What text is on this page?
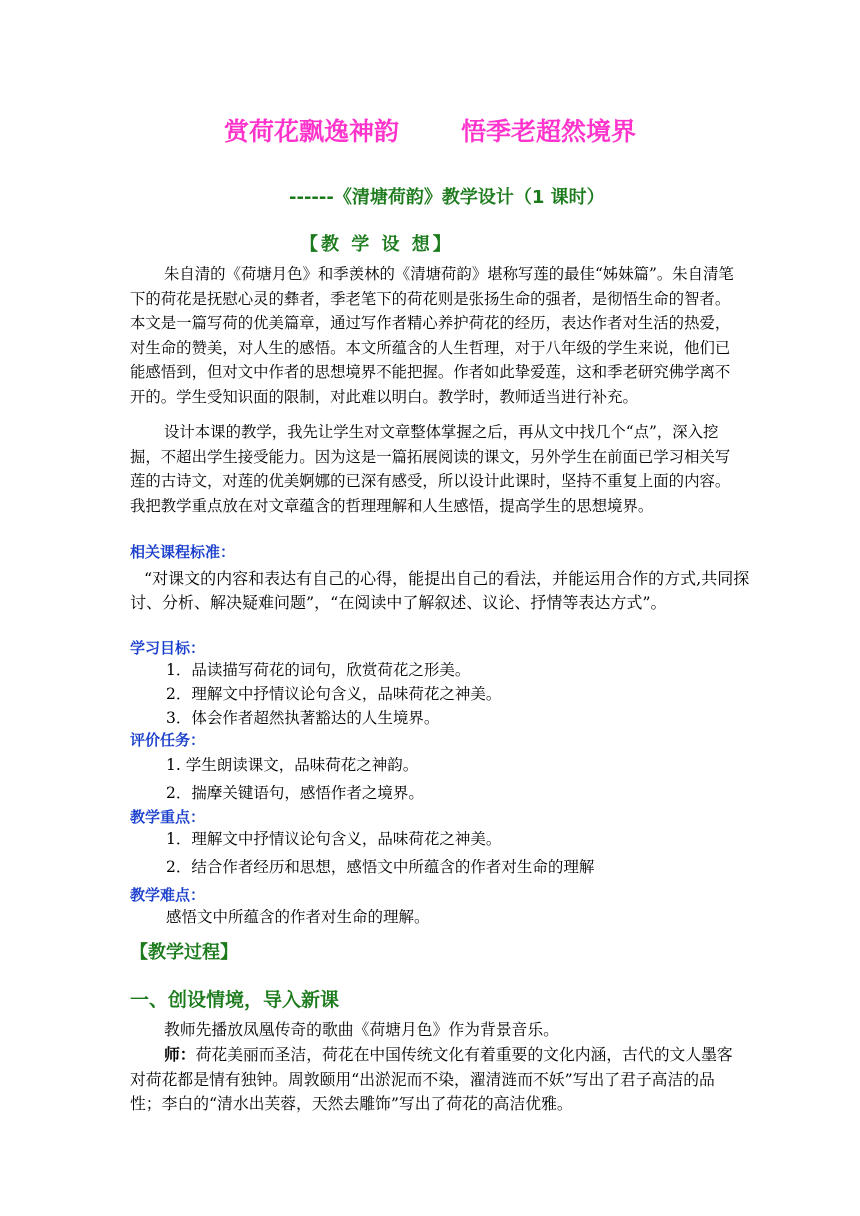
赏荷花飘逸神韵 悟季老超然境界
------《清塘荷韵》教学设计（1 课时）
【教 学 设 想】
朱自清的《荷塘月色》和季羡林的《清塘荷韵》堪称写莲的最佳“姊妹篇”。朱自清笔下的荷花是抚慰心灵的彝者，季老笔下的荷花则是张扬生命的强者，是彻悟生命的智者。本文是一篇写荷的优美篇章，通过写作者精心养护荷花的经历，表达作者对生活的热爱，对生命的赞美，对人生的感悟。本文所蕴含的人生哲理，对于八年级的学生来说，他们已能感悟到，但对文中作者的思想境界不能把握。作者如此挚爱莲，这和季老研究佛学离不开的。学生受知识面的限制，对此难以明白。教学时，教师适当进行补充。
设计本课的教学，我先让学生对文章整体掌握之后，再从文中找几个“点”，深入挖掘，不超出学生接受能力。因为这是一篇拓展阅读的课文，另外学生在前面已学习相关写莲的古诗文，对莲的优美婀娜的已深有感受，所以设计此课时，坚持不重复上面的内容。我把教学重点放在对文章蕴含的哲理理解和人生感悟，提高学生的思想境界。
相关课程标准：
“对课文的内容和表达有自己的心得，能提出自己的看法，并能运用合作的方式,共同探讨、分析、解决疑难问题”，“在阅读中了解叙述、议论、抒情等表达方式”。
学习目标：
1．品读描写荷花的词句，欣赏荷花之形美。
2．理解文中抒情议论句含义，品味荷花之神美。
3．体会作者超然执著豁达的人生境界。
评价任务：
1. 学生朗读课文，品味荷花之神韵。
2．揣摩关键语句，感悟作者之境界。
教学重点：
1．理解文中抒情议论句含义，品味荷花之神美。
2．结合作者经历和思想，感悟文中所蕴含的作者对生命的理解
教学难点：
感悟文中所蕴含的作者对生命的理解。
【教学过程】
一、创设情境，导入新课
教师先播放凤凰传奇的歌曲《荷塘月色》作为背景音乐。
师：荷花美丽而圣洁，荷花在中国传统文化有着重要的文化内涵，古代的文人墨客对荷花都是情有独钟。周敦颐用“出淤泥而不染，濯清涟而不妖”写出了君子高洁的品性；李白的“清水出芙蓉，天然去雕饰”写出了荷花的高洁优雅。
